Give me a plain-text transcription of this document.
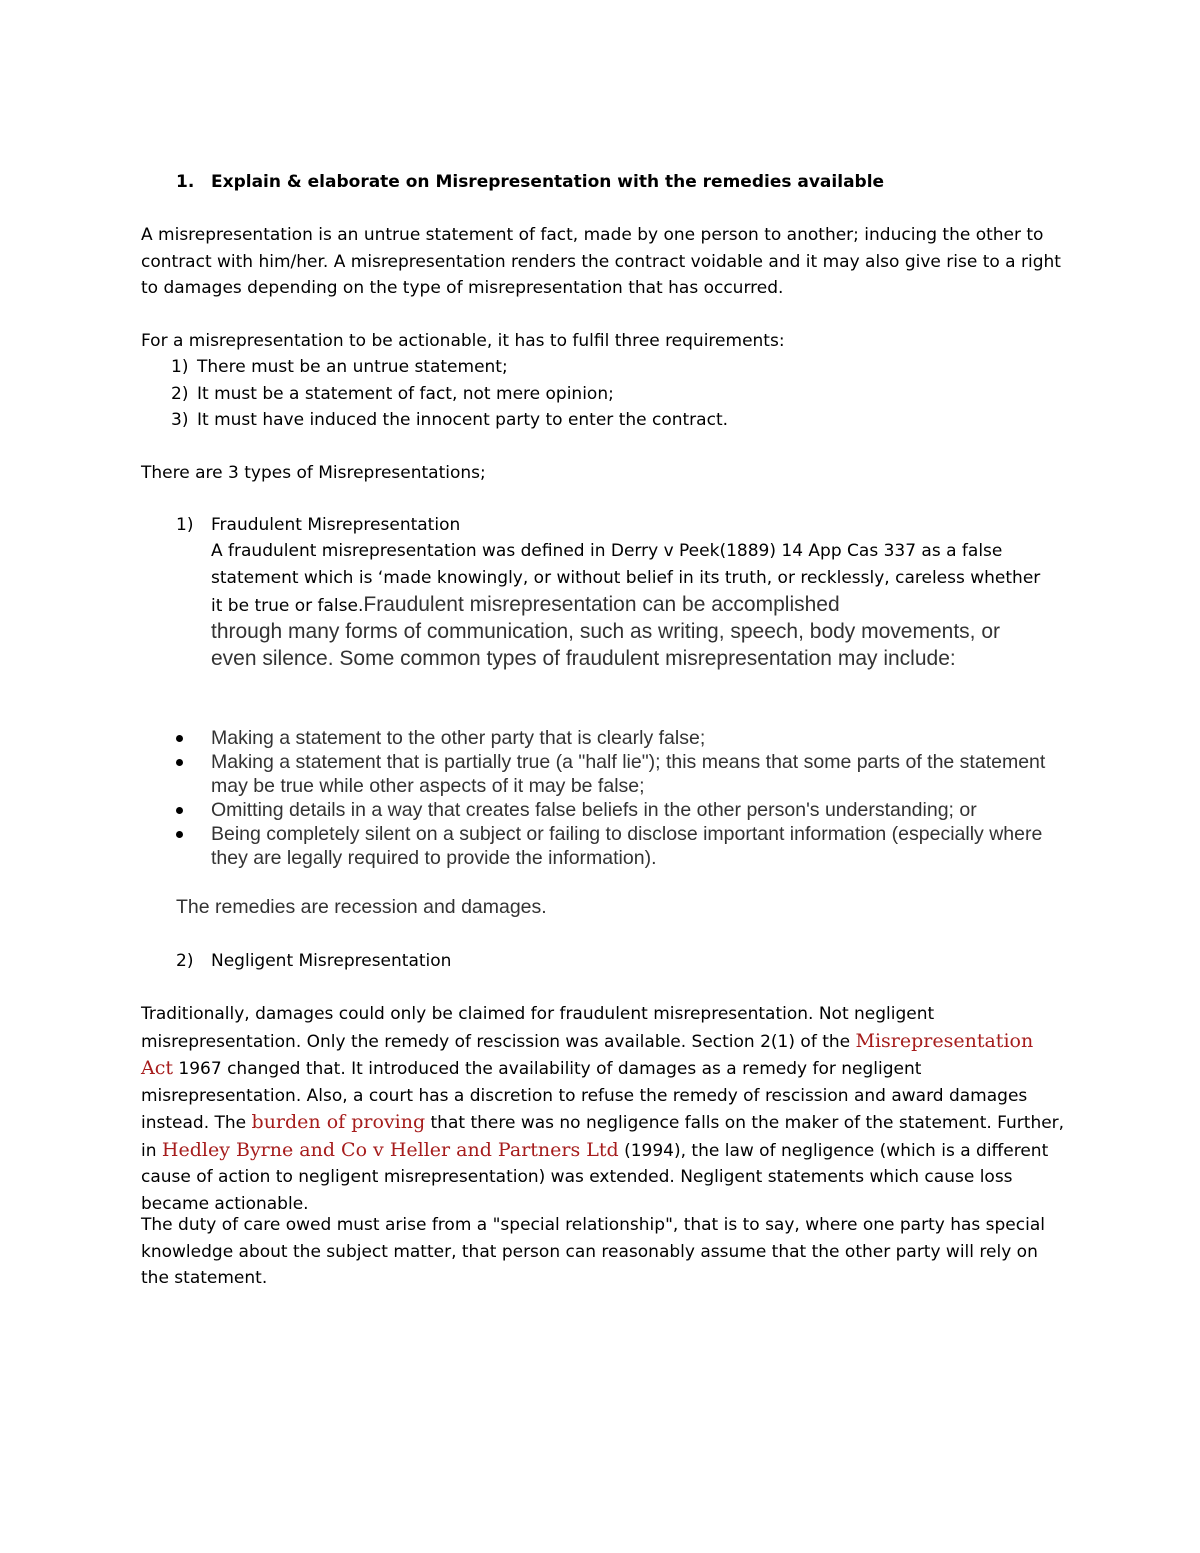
1. Explain & elaborate on Misrepresentation with the remedies available

A misrepresentation is an untrue statement of fact, made by one person to another; inducing the other to contract with him/her. A misrepresentation renders the contract voidable and it may also give rise to a right to damages depending on the type of misrepresentation that has occurred.

For a misrepresentation to be actionable, it has to fulfil three requirements:

1) There must be an untrue statement;
2) It must be a statement of fact, not mere opinion;
3) It must have induced the innocent party to enter the contract.

There are 3 types of Misrepresentations;

1) Fraudulent Misrepresentation

A fraudulent misrepresentation was defined in Derry v Peek(1889) 14 App Cas 337 as a false statement which is ‘made knowingly, or without belief in its truth, or recklessly, careless whether it be true or false.Fraudulent misrepresentation can be accomplished

through many forms of communication, such as writing, speech, body movements, or even silence. Some common types of fraudulent misrepresentation may include:

Making a statement to the other party that is clearly false;
Making a statement that is partially true (a "half lie"); this means that some parts of the statement may be true while other aspects of it may be false;
Omitting details in a way that creates false beliefs in the other person's understanding; or
Being completely silent on a subject or failing to disclose important information (especially where they are legally required to provide the information).
The remedies are recession and damages.
2) Negligent Misrepresentation

Traditionally, damages could only be claimed for fraudulent misrepresentation. Not negligent misrepresentation. Only the remedy of rescission was available. Section 2(1) of the Misrepresentation Act 1967 changed that. It introduced the availability of damages as a remedy for negligent misrepresentation. Also, a court has a discretion to refuse the remedy of rescission and award damages instead. The burden of proving that there was no negligence falls on the maker of the statement. Further, in Hedley Byrne and Co v Heller and Partners Ltd (1994), the law of negligence (which is a different cause of action to negligent misrepresentation) was extended. Negligent statements which cause loss became actionable.

The duty of care owed must arise from a "special relationship", that is to say, where one party has special knowledge about the subject matter, that person can reasonably assume that the other party will rely on the statement.
